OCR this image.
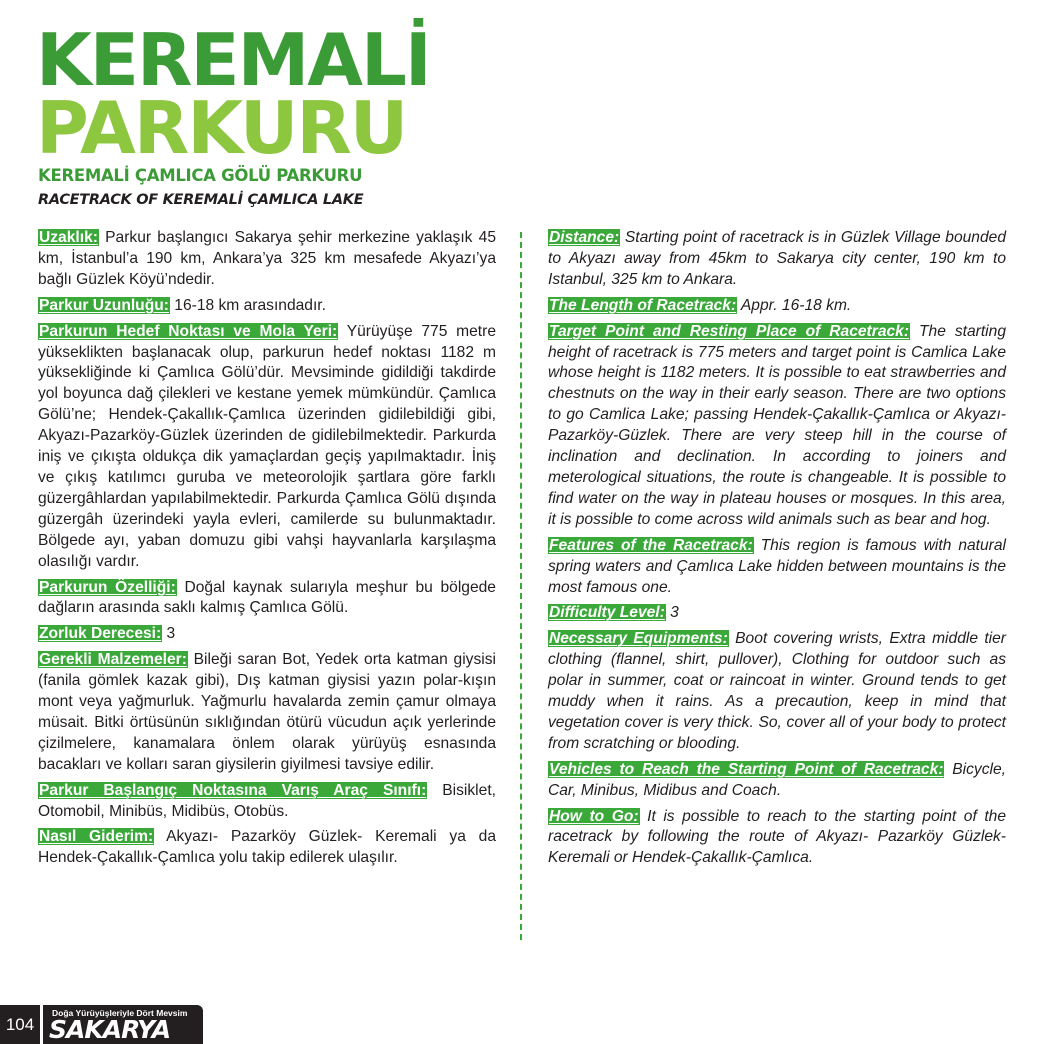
KEREMALİ
PARKURU
KEREMALİ ÇAMLICA GÖLÜ PARKURU
RACETRACK OF KEREMALİ ÇAMLICA LAKE

Uzaklık: Parkur başlangıcı Sakarya şehir merkezine yaklaşık 45 km, İstanbul’a 190 km, Ankara’ya 325 km mesafede Akyazı’ya bağlı Güzlek Köyü’ndedir.

Parkur Uzunluğu: 16-18 km arasındadır.

Parkurun Hedef Noktası ve Mola Yeri: Yürüyüşe 775 metre yükseklikten başlanacak olup, parkurun hedef noktası 1182 m yüksekliğinde ki Çamlıca Gölü’dür. Mevsiminde gidildiği takdirde yol boyunca dağ çilekleri ve kestane yemek mümkündür. Çamlıca Gölü’ne; Hendek-Çakallık-Çamlıca üzerinden gidilebildiği gibi, Akyazı-Pazarköy-Güzlek üzerinden de gidilebilmektedir. Parkurda iniş ve çıkışta oldukça dik yamaçlardan geçiş yapılmaktadır. İniş ve çıkış katılımcı guruba ve meteorolojik şartlara göre farklı güzergâhlardan yapılabilmektedir. Parkurda Çamlıca Gölü dışında güzergâh üzerindeki yayla evleri, camilerde su bulunmaktadır. Bölgede ayı, yaban domuzu gibi vahşi hayvanlarla karşılaşma olasılığı vardır.

Parkurun Özelliği: Doğal kaynak sularıyla meşhur bu bölgede dağların arasında saklı kalmış Çamlıca Gölü.

Zorluk Derecesi: 3

Gerekli Malzemeler: Bileği saran Bot, Yedek orta katman giysisi (fanila gömlek kazak gibi), Dış katman giysisi yazın polar-kışın mont veya yağmurluk. Yağmurlu havalarda zemin çamur olmaya müsait. Bitki örtüsünün sıklığından ötürü vücudun açık yerlerinde çizilmelere, kanamalara önlem olarak yürüyüş esnasında bacakları ve kolları saran giysilerin giyilmesi tavsiye edilir.

Parkur Başlangıç Noktasına Varış Araç Sınıfı: Bisiklet, Otomobil, Minibüs, Midibüs, Otobüs.

Nasıl Giderim: Akyazı- Pazarköy Güzlek- Keremali ya da Hendek-Çakallık-Çamlıca yolu takip edilerek ulaşılır.

Distance: Starting point of racetrack is in Güzlek Village bounded to Akyazı away from 45km to Sakarya city center, 190 km to Istanbul, 325 km to Ankara.

The Length of Racetrack: Appr. 16-18 km.

Target Point and Resting Place of Racetrack: The starting height of racetrack is 775 meters and target point is Camlica Lake whose height is 1182 meters. It is possible to eat strawberries and chestnuts on the way in their early season. There are two options to go Camlica Lake; passing Hendek-Çakallık-Çamlıca or Akyazı-Pazarköy-Güzlek. There are very steep hill in the course of inclination and declination. In according to joiners and meterological situations, the route is changeable. It is possible to find water on the way in plateau houses or mosques. In this area, it is possible to come across wild animals such as bear and hog.

Features of the Racetrack: This region is famous with natural spring waters and Çamlıca Lake hidden between mountains is the most famous one.

Difficulty Level: 3

Necessary Equipments: Boot covering wrists, Extra middle tier clothing (flannel, shirt, pullover), Clothing for outdoor such as polar in summer, coat or raincoat in winter. Ground tends to get muddy when it rains. As a precaution, keep in mind that vegetation cover is very thick. So, cover all of your body to protect from scratching or blooding.

Vehicles to Reach the Starting Point of Racetrack: Bicycle, Car, Minibus, Midibus and Coach.

How to Go: It is possible to reach to the starting point of the racetrack by following the route of Akyazı- Pazarköy Güzlek-Keremali or Hendek-Çakallık-Çamlıca.

104
Doğa Yürüyüşleriyle Dört Mevsim
SAKARYA
